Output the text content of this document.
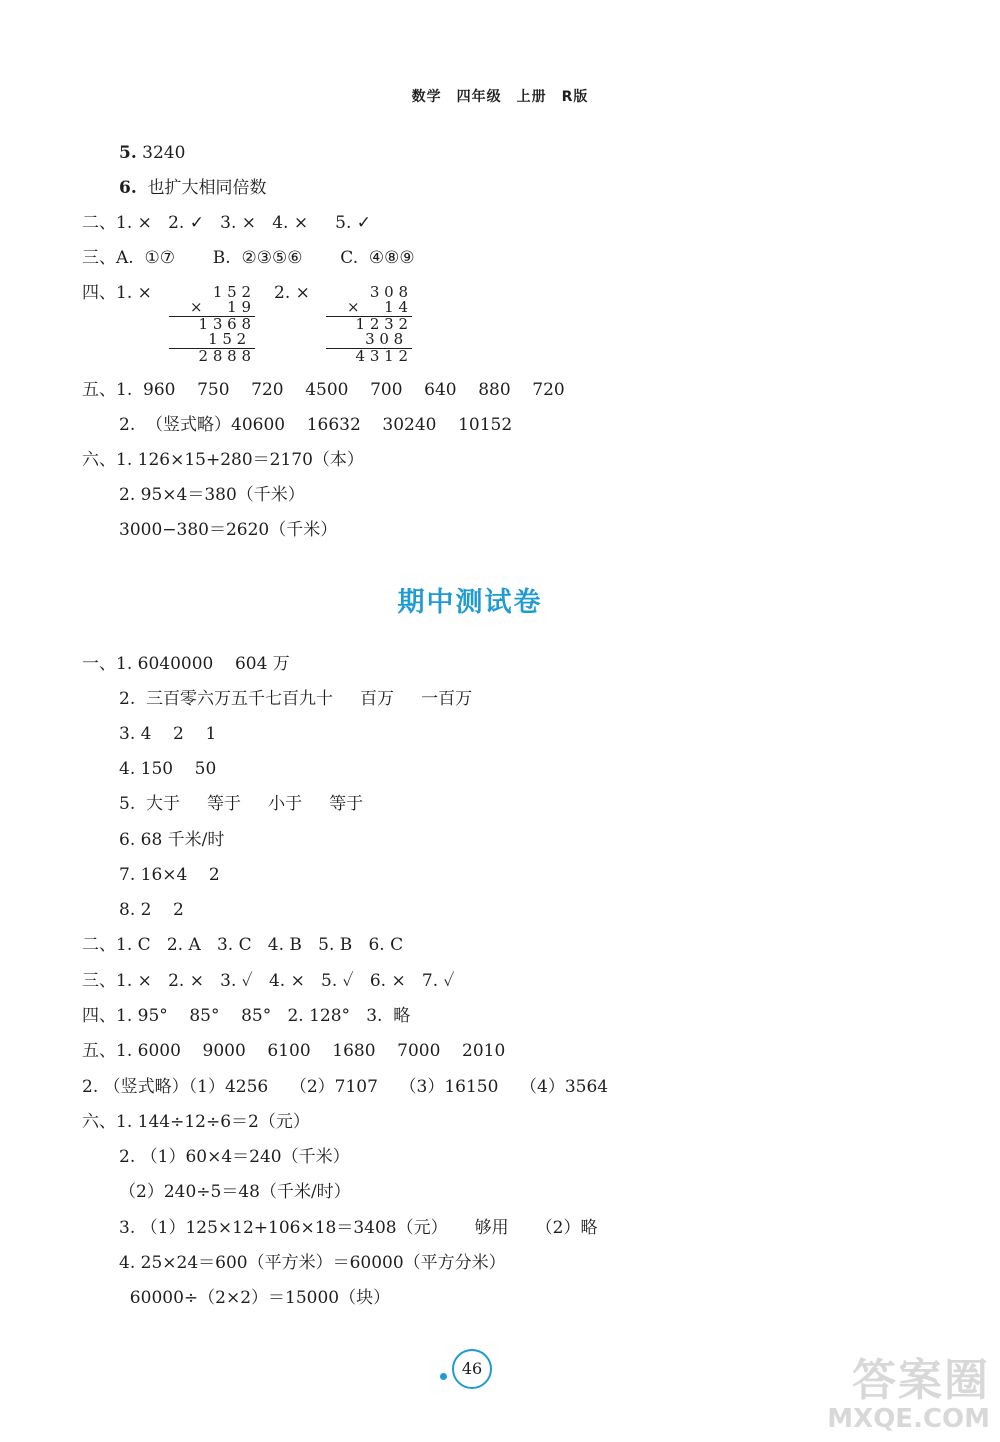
数学　四年级　上册　R版
5. 3240
6.  也扩大相同倍数
二、1. ×   2. ✓   3. ×   4. ×     5. ✓
三、A.  ①⑦       B.  ②③⑤⑥       C.  ④⑧⑨
四、1. ×	1 5 2
× 　 1 9
1 3 6 8
1 5 2
2 8 8 8
2. ×	3 0 8
× 　 1 4
1 2 3 2
3 0 8
4 3 1 2
五、1.  960    750    720    4500    700    640    880    720
2.  （竖式略）40600    16632    30240    10152
六、1. 126×15+280＝2170（本）
2. 95×4＝380（千米）
3000−380＝2620（千米）
期中测试卷
一、1. 6040000    604 万
2.  三百零六万五千七百九十     百万     一百万
3. 4    2    1
4. 150    50
5.  大于     等于     小于     等于
6. 68 千米/时
7. 16×4    2
8. 2    2
二、1. C   2. A   3. C   4. B   5. B   6. C
三、1. ×   2. ×   3. ✓   4. ×   5. ✓   6. ×   7. ✓
四、1. 95°    85°    85°   2. 128°   3.  略
五、1. 6000    9000    6100    1680    7000    2010
2. （竖式略）（1）4256    （2）7107    （3）16150    （4）3564
六、1. 144÷12÷6＝2（元）
2. （1）60×4＝240（千米）
（2）240÷5＝48（千米/时）
3. （1）125×12+106×18＝3408（元）     够用     （2）略
4. 25×24＝600（平方米）＝60000（平方分米）
60000÷（2×2）＝15000（块）
46	答案圈
MXQE.COM
